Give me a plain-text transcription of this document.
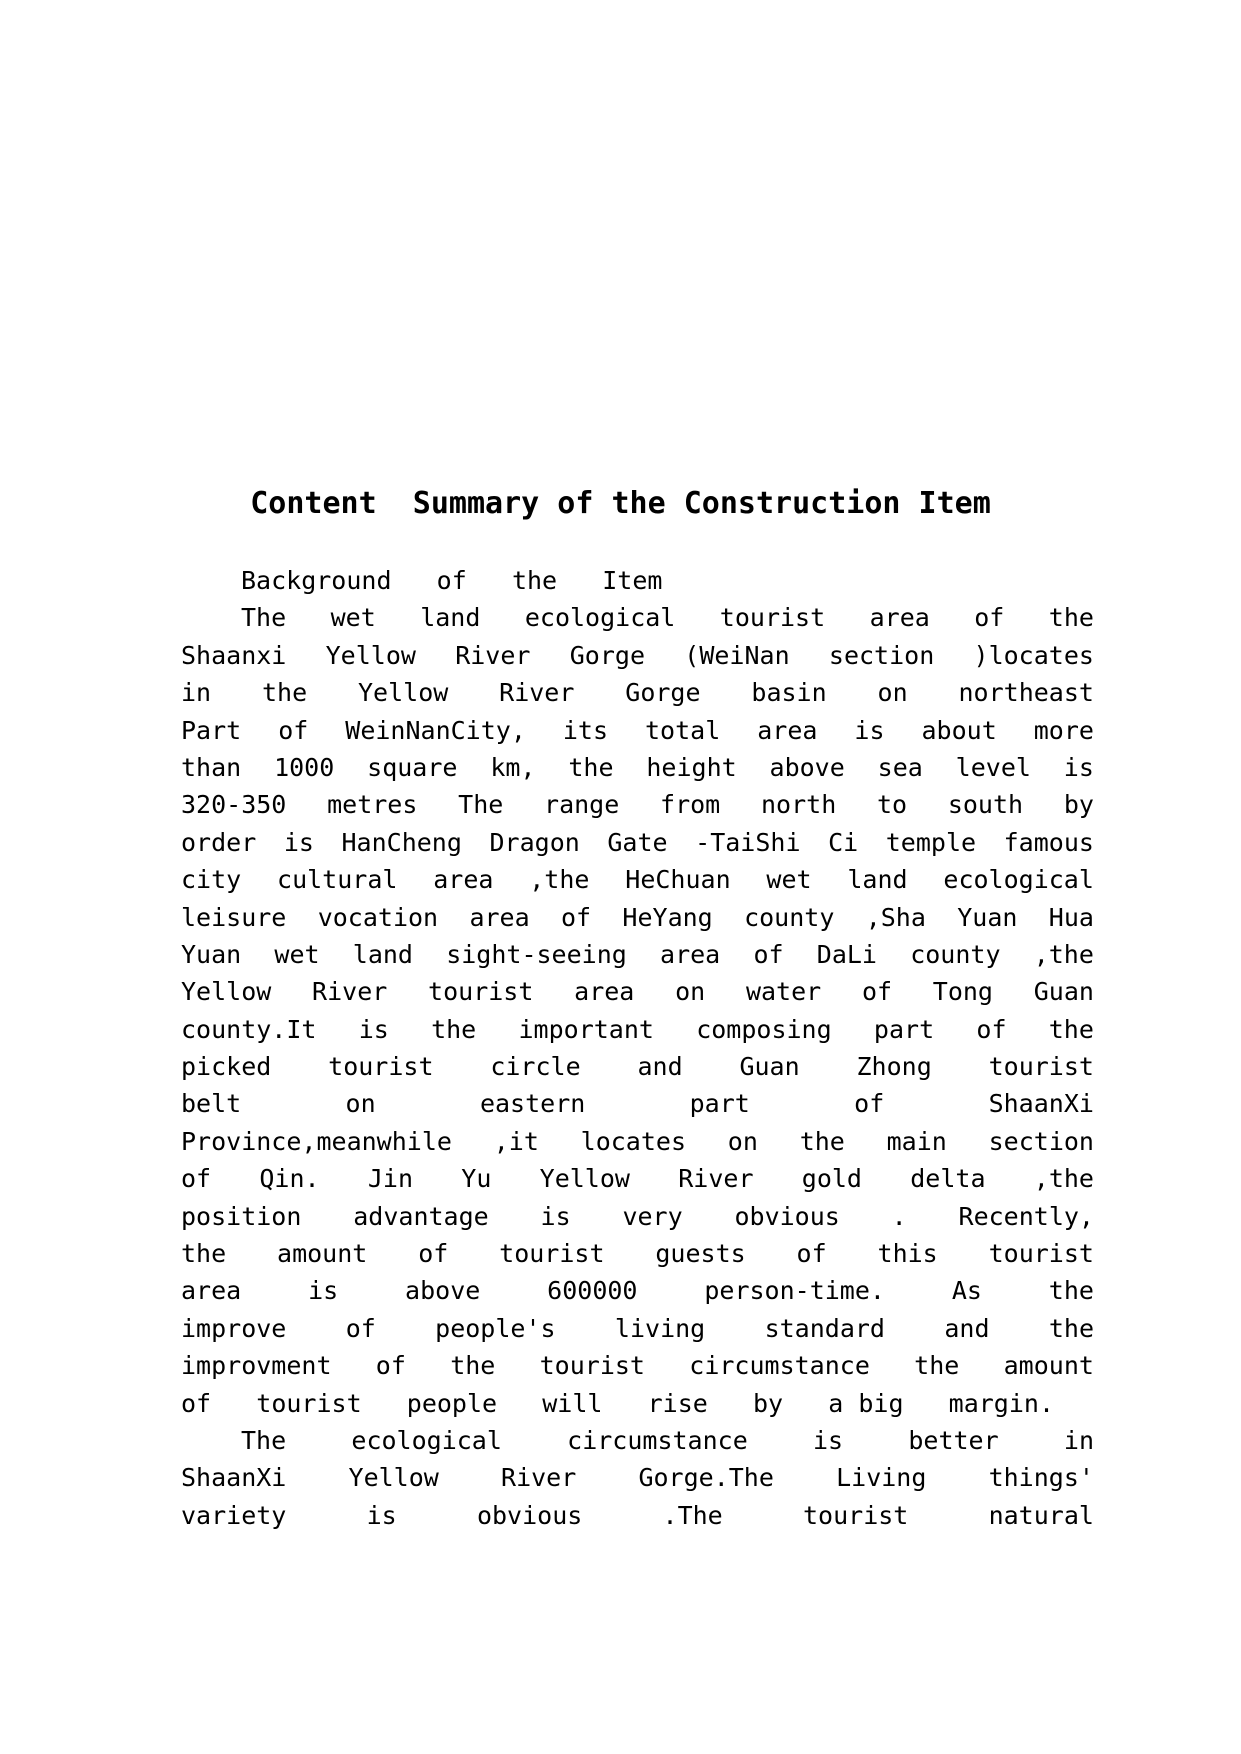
Content  Summary of the Construction Item

Background of the Item

The wet land ecological tourist area of the

Shaanxi Yellow River Gorge (WeiNan section )locates

in the Yellow River Gorge basin on northeast

Part of WeinNanCity, its total area is about more

than 1000 square km, the height above sea level is

320-350 metres The range from north to south by

order is HanCheng Dragon Gate -TaiShi Ci temple famous

city cultural area ,the HeChuan wet land ecological

leisure vocation area of HeYang county ,Sha Yuan Hua

Yuan wet land sight-seeing area of DaLi county ,the

Yellow River tourist area on water of Tong Guan

county.It is the important composing part of the

picked tourist circle and Guan Zhong tourist

belt	on	eastern	part	of	ShaanXi

Province,meanwhile ,it locates on the main section

of Qin. Jin Yu Yellow River gold delta ,the

position advantage is very obvious . Recently,

the amount of tourist guests of this tourist

area	is	above	600000	person-time.	As	the

improve of people's living standard and the

improvment of the tourist circumstance the amount

of tourist people will rise by a big margin.

The	ecological	circumstance	is	better	in

ShaanXi Yellow River Gorge.The Living things'

variety	is	obvious	.The	tourist	natural
